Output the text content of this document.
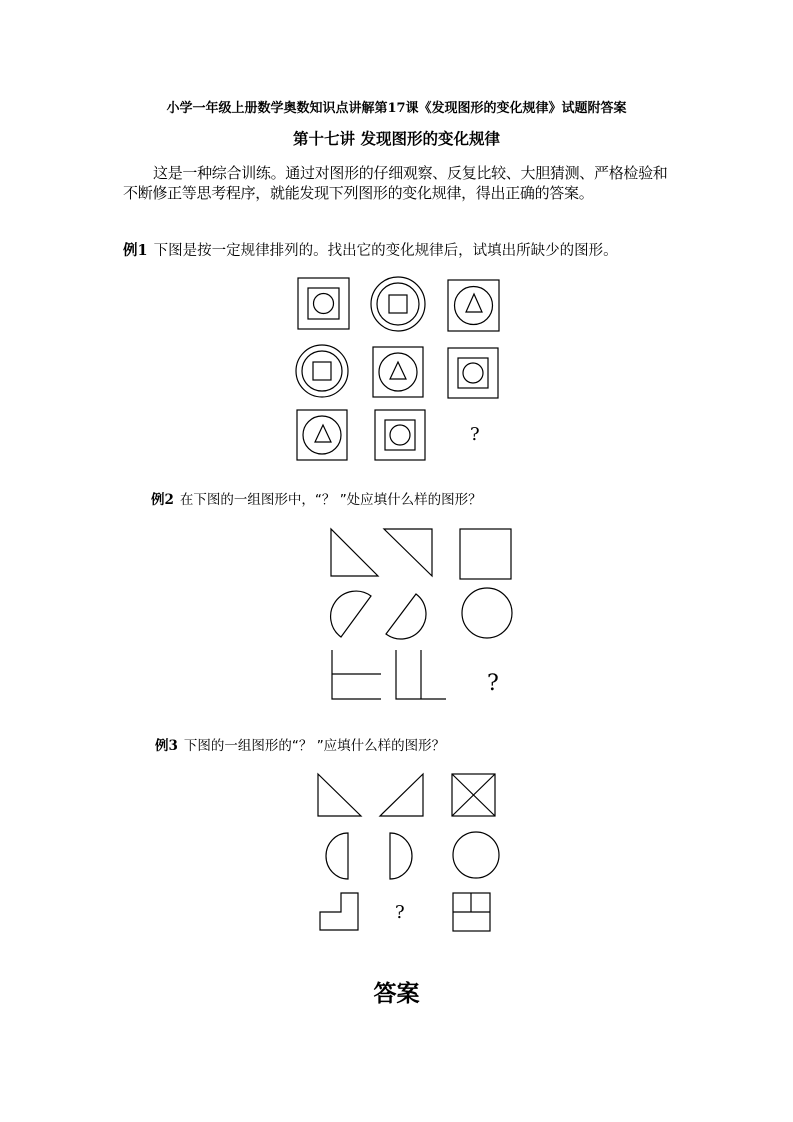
小学一年级上册数学奥数知识点讲解第17课《发现图形的变化规律》试题附答案
第十七讲 发现图形的变化规律
这是一种综合训练。通过对图形的仔细观察、反复比较、大胆猜测、严格检验和不断修正等思考程序，就能发现下列图形的变化规律，得出正确的答案。
例1 下图是按一定规律排列的。找出它的变化规律后，试填出所缺少的图形。
?
例2 在下图的一组图形中，“？ ”处应填什么样的图形？
?
例3 下图的一组图形的“？ ”应填什么样的图形？
?
答案
